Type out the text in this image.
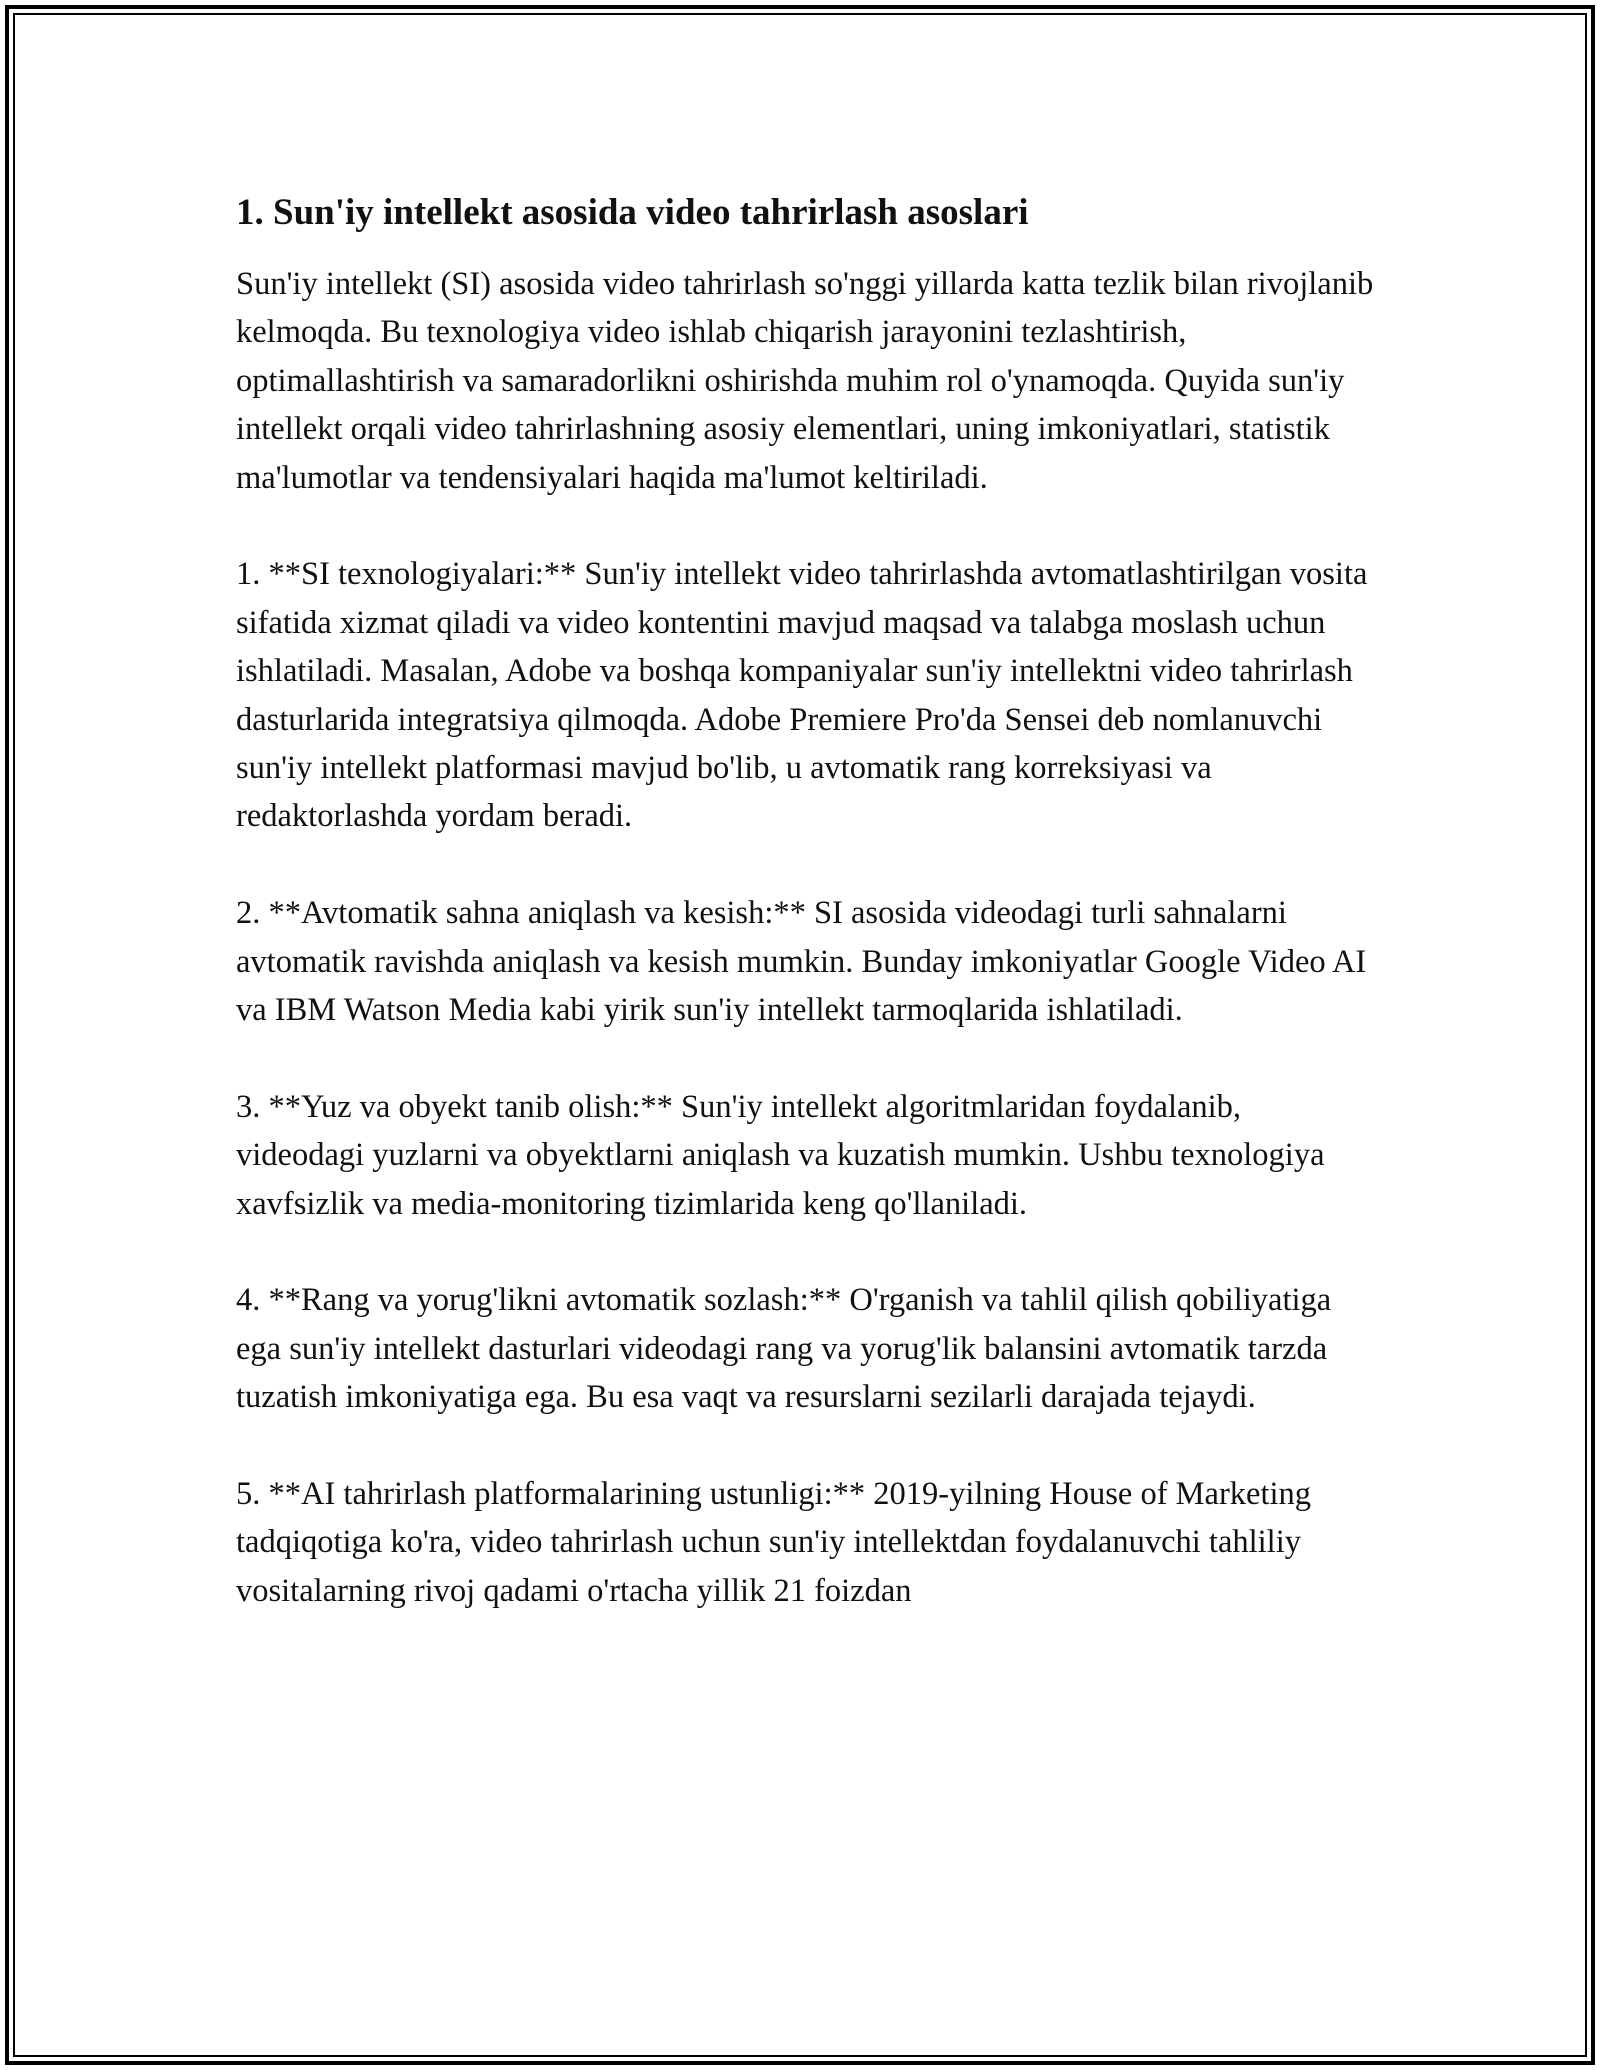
1. Sun'iy intellekt asosida video tahrirlash asoslari

Sun'iy intellekt (SI) asosida video tahrirlash so'nggi yillarda katta tezlik bilan rivojlanib kelmoqda. Bu texnologiya video ishlab chiqarish jarayonini tezlashtirish, optimallashtirish va samaradorlikni oshirishda muhim rol o'ynamoqda. Quyida sun'iy intellekt orqali video tahrirlashning asosiy elementlari, uning imkoniyatlari, statistik ma'lumotlar va tendensiyalari haqida ma'lumot keltiriladi.

1. **SI texnologiyalari:** Sun'iy intellekt video tahrirlashda avtomatlashtirilgan vosita sifatida xizmat qiladi va video kontentini mavjud maqsad va talabga moslash uchun ishlatiladi. Masalan, Adobe va boshqa kompaniyalar sun'iy intellektni video tahrirlash dasturlarida integratsiya qilmoqda. Adobe Premiere Pro'da Sensei deb nomlanuvchi sun'iy intellekt platformasi mavjud bo'lib, u avtomatik rang korreksiyasi va redaktorlashda yordam beradi.

2. **Avtomatik sahna aniqlash va kesish:** SI asosida videodagi turli sahnalarni avtomatik ravishda aniqlash va kesish mumkin. Bunday imkoniyatlar Google Video AI va IBM Watson Media kabi yirik sun'iy intellekt tarmoqlarida ishlatiladi.

3. **Yuz va obyekt tanib olish:** Sun'iy intellekt algoritmlaridan foydalanib, videodagi yuzlarni va obyektlarni aniqlash va kuzatish mumkin. Ushbu texnologiya xavfsizlik va media-monitoring tizimlarida keng qo'llaniladi.

4. **Rang va yorug'likni avtomatik sozlash:** O'rganish va tahlil qilish qobiliyatiga ega sun'iy intellekt dasturlari videodagi rang va yorug'lik balansini avtomatik tarzda tuzatish imkoniyatiga ega. Bu esa vaqt va resurslarni sezilarli darajada tejaydi.

5. **AI tahrirlash platformalarining ustunligi:** 2019-yilning House of Marketing tadqiqotiga ko'ra, video tahrirlash uchun sun'iy intellektdan foydalanuvchi tahliliy vositalarning rivoj qadami o'rtacha yillik 21 foizdan
